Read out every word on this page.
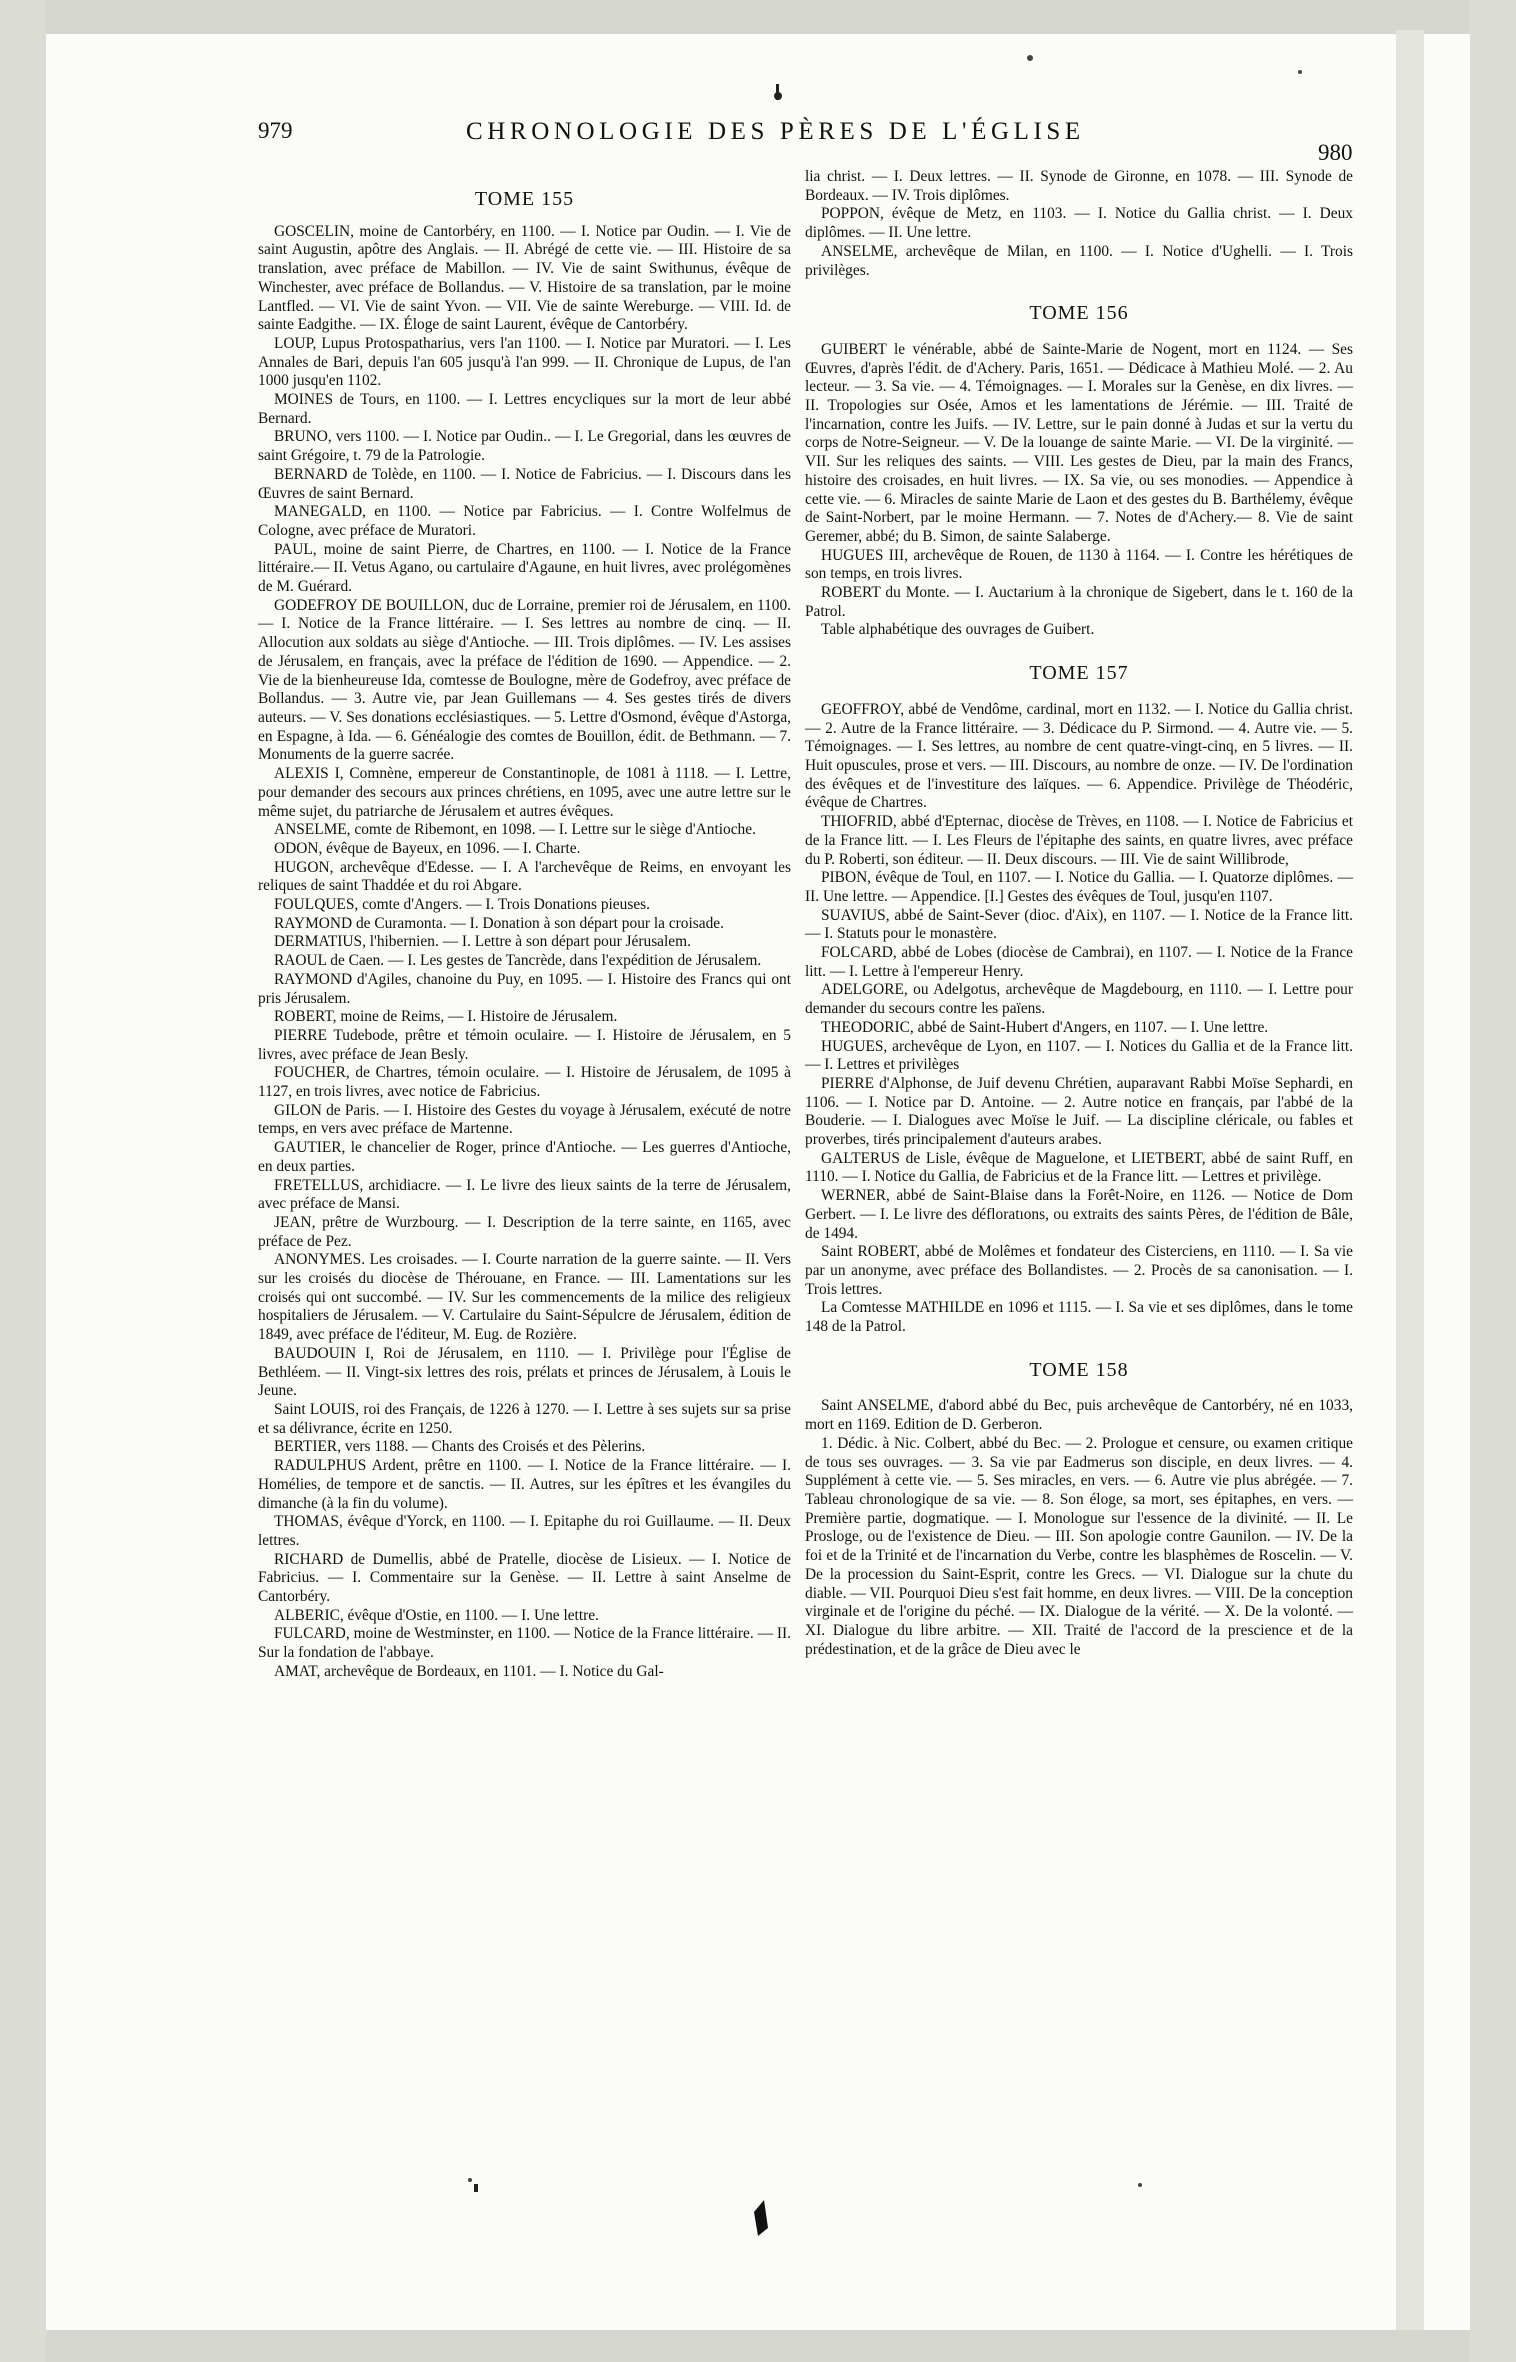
979	CHRONOLOGIE DES PÈRES DE L'ÉGLISE
980
TOME 155

GOSCELIN, moine de Cantorbéry, en 1100. — I. Notice par Oudin. — I. Vie de saint Augustin, apôtre des Anglais. — II. Abrégé de cette vie. — III. Histoire de sa translation, avec préface de Mabillon. — IV. Vie de saint Swithunus, évêque de Winchester, avec préface de Bollandus. — V. Histoire de sa translation, par le moine Lantfled. — VI. Vie de saint Yvon. — VII. Vie de sainte Wereburge. — VIII. Id. de sainte Eadgithe. — IX. Éloge de saint Laurent, évêque de Cantorbéry.

LOUP, Lupus Protospatharius, vers l'an 1100. — I. Notice par Muratori. — I. Les Annales de Bari, depuis l'an 605 jusqu'à l'an 999. — II. Chronique de Lupus, de l'an 1000 jusqu'en 1102.

MOINES de Tours, en 1100. — I. Lettres encycliques sur la mort de leur abbé Bernard.

BRUNO, vers 1100. — I. Notice par Oudin.. — I. Le Gregorial, dans les œuvres de saint Grégoire, t. 79 de la Patrologie.

BERNARD de Tolède, en 1100. — I. Notice de Fabricius. — I. Discours dans les Œuvres de saint Bernard.

MANEGALD, en 1100. — Notice par Fabricius. — I. Contre Wolfelmus de Cologne, avec préface de Muratori.

PAUL, moine de saint Pierre, de Chartres, en 1100. — I. Notice de la France littéraire.— II. Vetus Agano, ou cartulaire d'Agaune, en huit livres, avec prolégomènes de M. Guérard.

GODEFROY DE BOUILLON, duc de Lorraine, premier roi de Jérusalem, en 1100. — I. Notice de la France littéraire. — I. Ses lettres au nombre de cinq. — II. Allocution aux soldats au siège d'Antioche. — III. Trois diplômes. — IV. Les assises de Jérusalem, en français, avec la préface de l'édition de 1690. — Appendice. — 2. Vie de la bienheureuse Ida, comtesse de Boulogne, mère de Godefroy, avec préface de Bollandus. — 3. Autre vie, par Jean Guillemans — 4. Ses gestes tirés de divers auteurs. — V. Ses donations ecclésiastiques. — 5. Lettre d'Osmond, évêque d'Astorga, en Espagne, à Ida. — 6. Généalogie des comtes de Bouillon, édit. de Bethmann. — 7. Monuments de la guerre sacrée.

ALEXIS I, Comnène, empereur de Constantinople, de 1081 à 1118. — I. Lettre, pour demander des secours aux princes chrétiens, en 1095, avec une autre lettre sur le même sujet, du patriarche de Jérusalem et autres évêques.

ANSELME, comte de Ribemont, en 1098. — I. Lettre sur le siège d'Antioche.

ODON, évêque de Bayeux, en 1096. — I. Charte.

HUGON, archevêque d'Edesse. — I. A l'archevêque de Reims, en envoyant les reliques de saint Thaddée et du roi Abgare.

FOULQUES, comte d'Angers. — I. Trois Donations pieuses.

RAYMOND de Curamonta. — I. Donation à son départ pour la croisade.

DERMATIUS, l'hibernien. — I. Lettre à son départ pour Jérusalem.

RAOUL de Caen. — I. Les gestes de Tancrède, dans l'expédition de Jérusalem.

RAYMOND d'Agiles, chanoine du Puy, en 1095. — I. Histoire des Francs qui ont pris Jérusalem.

ROBERT, moine de Reims, — I. Histoire de Jérusalem.

PIERRE Tudebode, prêtre et témoin oculaire. — I. Histoire de Jérusalem, en 5 livres, avec préface de Jean Besly.

FOUCHER, de Chartres, témoin oculaire. — I. Histoire de Jérusalem, de 1095 à 1127, en trois livres, avec notice de Fabricius.

GILON de Paris. — I. Histoire des Gestes du voyage à Jérusalem, exécuté de notre temps, en vers avec préface de Martenne.

GAUTIER, le chancelier de Roger, prince d'Antioche. — Les guerres d'Antioche, en deux parties.

FRETELLUS, archidiacre. — I. Le livre des lieux saints de la terre de Jérusalem, avec préface de Mansi.

JEAN, prêtre de Wurzbourg. — I. Description de la terre sainte, en 1165, avec préface de Pez.

ANONYMES. Les croisades. — I. Courte narration de la guerre sainte. — II. Vers sur les croisés du diocèse de Thérouane, en France. — III. Lamentations sur les croisés qui ont succombé. — IV. Sur les commencements de la milice des religieux hospitaliers de Jérusalem. — V. Cartulaire du Saint-Sépulcre de Jérusalem, édition de 1849, avec préface de l'éditeur, M. Eug. de Rozière.

BAUDOUIN I, Roi de Jérusalem, en 1110. — I. Privilège pour l'Église de Bethléem. — II. Vingt-six lettres des rois, prélats et princes de Jérusalem, à Louis le Jeune.

Saint LOUIS, roi des Français, de 1226 à 1270. — I. Lettre à ses sujets sur sa prise et sa délivrance, écrite en 1250.

BERTIER, vers 1188. — Chants des Croisés et des Pèlerins.

RADULPHUS Ardent, prêtre en 1100. — I. Notice de la France littéraire. — I. Homélies, de tempore et de sanctis. — II. Autres, sur les épîtres et les évangiles du dimanche (à la fin du volume).

THOMAS, évêque d'Yorck, en 1100. — I. Epitaphe du roi Guillaume. — II. Deux lettres.

RICHARD de Dumellis, abbé de Pratelle, diocèse de Lisieux. — I. Notice de Fabricius. — I. Commentaire sur la Genèse. — II. Lettre à saint Anselme de Cantorbéry.

ALBERIC, évêque d'Ostie, en 1100. — I. Une lettre.

FULCARD, moine de Westminster, en 1100. — Notice de la France littéraire. — II. Sur la fondation de l'abbaye.

AMAT, archevêque de Bordeaux, en 1101. — I. Notice du Gal-

lia christ. — I. Deux lettres. — II. Synode de Gironne, en 1078. — III. Synode de Bordeaux. — IV. Trois diplômes.

POPPON, évêque de Metz, en 1103. — I. Notice du Gallia christ. — I. Deux diplômes. — II. Une lettre.

ANSELME, archevêque de Milan, en 1100. — I. Notice d'Ughelli. — I. Trois privilèges.

TOME 156

GUIBERT le vénérable, abbé de Sainte-Marie de Nogent, mort en 1124. — Ses Œuvres, d'après l'édit. de d'Achery. Paris, 1651. — Dédicace à Mathieu Molé. — 2. Au lecteur. — 3. Sa vie. — 4. Témoignages. — I. Morales sur la Genèse, en dix livres. — II. Tropologies sur Osée, Amos et les lamentations de Jérémie. — III. Traité de l'incarnation, contre les Juifs. — IV. Lettre, sur le pain donné à Judas et sur la vertu du corps de Notre-Seigneur. — V. De la louange de sainte Marie. — VI. De la virginité. — VII. Sur les reliques des saints. — VIII. Les gestes de Dieu, par la main des Francs, histoire des croisades, en huit livres. — IX. Sa vie, ou ses monodies. — Appendice à cette vie. — 6. Miracles de sainte Marie de Laon et des gestes du B. Barthélemy, évêque de Saint-Norbert, par le moine Hermann. — 7. Notes de d'Achery.— 8. Vie de saint Geremer, abbé; du B. Simon, de sainte Salaberge.

HUGUES III, archevêque de Rouen, de 1130 à 1164. — I. Contre les hérétiques de son temps, en trois livres.

ROBERT du Monte. — I. Auctarium à la chronique de Sigebert, dans le t. 160 de la Patrol.

Table alphabétique des ouvrages de Guibert.

TOME 157

GEOFFROY, abbé de Vendôme, cardinal, mort en 1132. — I. Notice du Gallia christ. — 2. Autre de la France littéraire. — 3. Dédicace du P. Sirmond. — 4. Autre vie. — 5. Témoignages. — I. Ses lettres, au nombre de cent quatre-vingt-cinq, en 5 livres. — II. Huit opuscules, prose et vers. — III. Discours, au nombre de onze. — IV. De l'ordination des évêques et de l'investiture des laïques. — 6. Appendice. Privilège de Théodéric, évêque de Chartres.

THIOFRID, abbé d'Epternac, diocèse de Trèves, en 1108. — I. Notice de Fabricius et de la France litt. — I. Les Fleurs de l'épitaphe des saints, en quatre livres, avec préface du P. Roberti, son éditeur. — II. Deux discours. — III. Vie de saint Willibrode,

PIBON, évêque de Toul, en 1107. — I. Notice du Gallia. — I. Quatorze diplômes. — II. Une lettre. — Appendice. [I.] Gestes des évêques de Toul, jusqu'en 1107.

SUAVIUS, abbé de Saint-Sever (dioc. d'Aix), en 1107. — I. Notice de la France litt.— I. Statuts pour le monastère.

FOLCARD, abbé de Lobes (diocèse de Cambrai), en 1107. — I. Notice de la France litt. — I. Lettre à l'empereur Henry.

ADELGORE, ou Adelgotus, archevêque de Magdebourg, en 1110. — I. Lettre pour demander du secours contre les païens.

THEODORIC, abbé de Saint-Hubert d'Angers, en 1107. — I. Une lettre.

HUGUES, archevêque de Lyon, en 1107. — I. Notices du Gallia et de la France litt. — I. Lettres et privilèges

PIERRE d'Alphonse, de Juif devenu Chrétien, auparavant Rabbi Moïse Sephardi, en 1106. — I. Notice par D. Antoine. — 2. Autre notice en français, par l'abbé de la Bouderie. — I. Dialogues avec Moïse le Juif. — La discipline cléricale, ou fables et proverbes, tirés principalement d'auteurs arabes.

GALTERUS de Lisle, évêque de Maguelone, et LIETBERT, abbé de saint Ruff, en 1110. — I. Notice du Gallia, de Fabricius et de la France litt. — Lettres et privilège.

WERNER, abbé de Saint-Blaise dans la Forêt-Noire, en 1126. — Notice de Dom Gerbert. — I. Le livre des défloratıons, ou extraits des saints Pères, de l'édition de Bâle, de 1494.

Saint ROBERT, abbé de Molêmes et fondateur des Cisterciens, en 1110. — I. Sa vie par un anonyme, avec préface des Bollandistes. — 2. Procès de sa canonisation. — I. Trois lettres.

La Comtesse MATHILDE en 1096 et 1115. — I. Sa vie et ses diplômes, dans le tome 148 de la Patrol.

TOME 158

Saint ANSELME, d'abord abbé du Bec, puis archevêque de Cantorbéry, né en 1033, mort en 1169. Edition de D. Gerberon.

1. Dédic. à Nic. Colbert, abbé du Bec. — 2. Prologue et censure, ou examen critique de tous ses ouvrages. — 3. Sa vie par Eadmerus son disciple, en deux livres. — 4. Supplément à cette vie. — 5. Ses miracles, en vers. — 6. Autre vie plus abrégée. — 7. Tableau chronologique de sa vie. — 8. Son éloge, sa mort, ses épitaphes, en vers. — Première partie, dogmatique. — I. Monologue sur l'essence de la divinité. — II. Le Proslogе, ou de l'existence de Dieu. — III. Son apologie contre Gaunilon. — IV. De la foi et de la Trinité et de l'incarnation du Verbe, contre les blasphèmes de Roscelin. — V. De la procession du Saint-Esprit, contre les Grecs. — VI. Dialogue sur la chute du diable. — VII. Pourquoi Dieu s'est fait homme, en deux livres. — VIII. De la conception virginale et de l'origine du péché. — IX. Dialogue de la vérité. — X. De la volonté. — XI. Dialogue du libre arbitre. — XII. Traité de l'accord de la prescience et de la prédestination, et de la grâce de Dieu avec le
